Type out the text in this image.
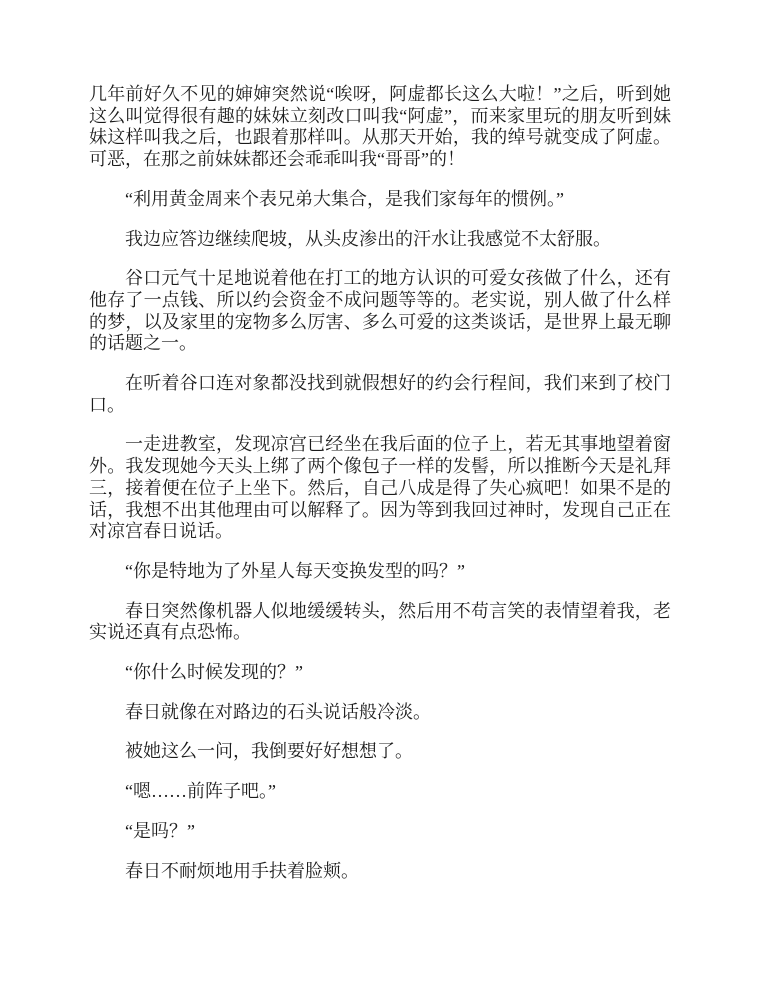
几年前好久不见的婶婶突然说“唉呀，阿虚都长这么大啦！”之后，听到她这么叫觉得很有趣的妹妹立刻改口叫我“阿虚”，而来家里玩的朋友听到妹妹这样叫我之后，也跟着那样叫。从那天开始，我的绰号就变成了阿虚。可恶，在那之前妹妹都还会乖乖叫我“哥哥”的！

“利用黄金周来个表兄弟大集合，是我们家每年的惯例。”

我边应答边继续爬坡，从头皮渗出的汗水让我感觉不太舒服。

谷口元气十足地说着他在打工的地方认识的可爱女孩做了什么，还有他存了一点钱、所以约会资金不成问题等等的。老实说，别人做了什么样的梦，以及家里的宠物多么厉害、多么可爱的这类谈话，是世界上最无聊的话题之一。

在听着谷口连对象都没找到就假想好的约会行程间，我们来到了校门口。

一走进教室，发现凉宫已经坐在我后面的位子上，若无其事地望着窗外。我发现她今天头上绑了两个像包子一样的发髻，所以推断今天是礼拜三，接着便在位子上坐下。然后，自己八成是得了失心疯吧！如果不是的话，我想不出其他理由可以解释了。因为等到我回过神时，发现自己正在对凉宫春日说话。

“你是特地为了外星人每天变换发型的吗？”

春日突然像机器人似地缓缓转头，然后用不苟言笑的表情望着我，老实说还真有点恐怖。

“你什么时候发现的？”

春日就像在对路边的石头说话般冷淡。

被她这么一问，我倒要好好想想了。

“嗯……前阵子吧。”

“是吗？”

春日不耐烦地用手扶着脸颊。
